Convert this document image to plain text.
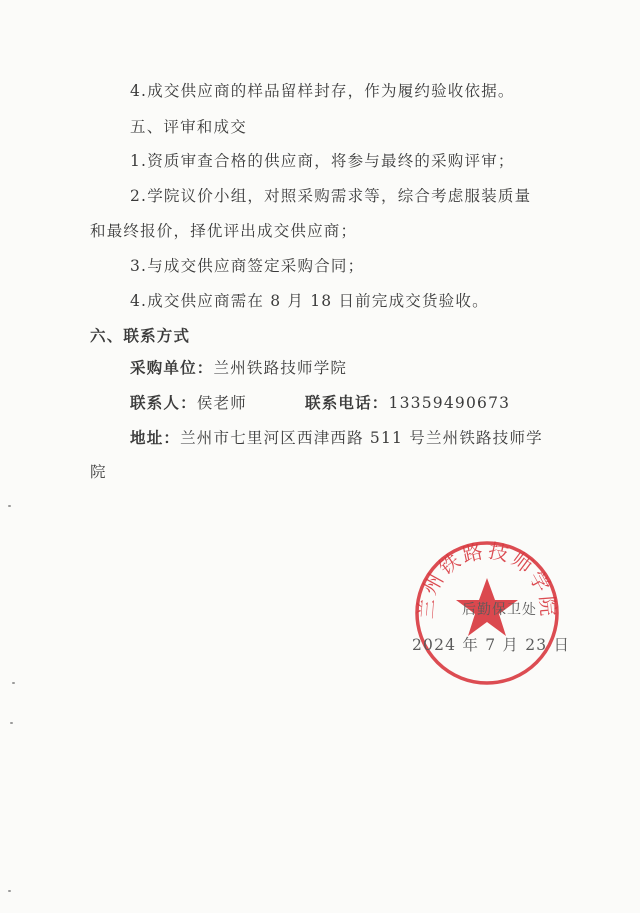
4.成交供应商的样品留样封存，作为履约验收依据。
五、评审和成交
1.资质审查合格的供应商，将参与最终的采购评审；
2.学院议价小组，对照采购需求等，综合考虑服装质量
和最终报价，择优评出成交供应商；
3.与成交供应商签定采购合同；
4.成交供应商需在 8 月 18 日前完成交货验收。
六、联系方式
采购单位：兰州铁路技师学院
联系人：侯老师	联系电话：13359490673
地址：兰州市七里河区西津西路 511 号兰州铁路技师学
院
兰州铁路技师学院
后勤保卫处
2024 年 7 月 23 日
